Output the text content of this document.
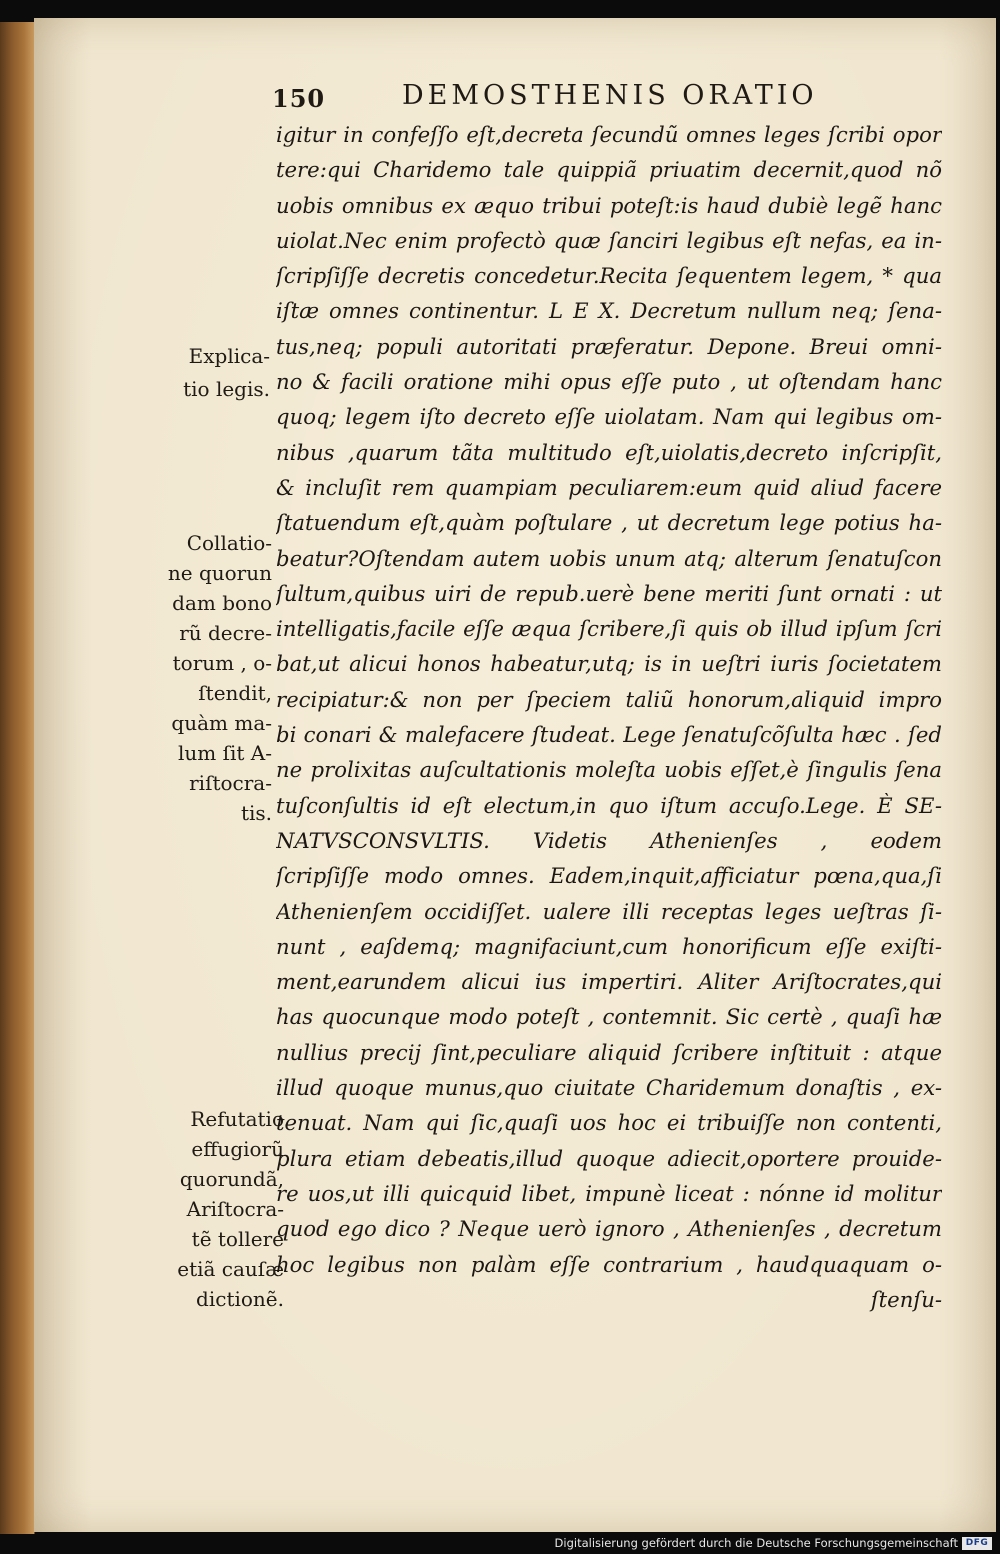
150	DEMOSTHENIS ORATIO
Explica-
tio legis.
Collatio-
ne quorun
dam bono
rũ decre-
torum , o-
ſtendit,
quàm ma-
lum ſit A-
riſtocra-
tis.
Refutatio
effugiorũ
quorundã,
Ariſtocra-
tẽ tollere
etiã cauſæ
dictionẽ.
igitur in confeſſo eſt,decreta ſecundũ omnes leges ſcribi opor
tere:qui Charidemo tale quippiã priuatim decernit,quod nõ
uobis omnibus ex æquo tribui poteſt:is haud dubiè legẽ hanc
uiolat.Nec enim profectò quæ ſanciri legibus eſt nefas, ea in-
ſcripſiſſe decretis concedetur.Recita ſequentem legem, * qua
iſtæ omnes continentur. L E X. Decretum nullum neq; ſena-
tus,neq; populi autoritati præferatur. Depone. Breui omni-
no & facili oratione mihi opus eſſe puto , ut oſtendam hanc
quoq; legem iſto decreto eſſe uiolatam. Nam qui legibus om-
nibus ,quarum tãta multitudo eſt,uiolatis,decreto inſcripſit,
& incluſit rem quampiam peculiarem:eum quid aliud facere
ſtatuendum eſt,quàm poſtulare , ut decretum lege potius ha-
beatur?Oſtendam autem uobis unum atq; alterum ſenatuſcon
ſultum,quibus uiri de repub.uerè bene meriti ſunt ornati : ut
intelligatis,facile eſſe æqua ſcribere,ſi quis ob illud ipſum ſcri
bat,ut alicui honos habeatur,utq; is in ueſtri iuris ſocietatem
recipiatur:& non per ſpeciem taliũ honorum,aliquid impro
bi conari & malefacere ſtudeat. Lege ſenatuſcõſulta hæc . ſed
ne prolixitas auſcultationis moleſta uobis eſſet,è ſingulis ſena
tuſconſultis id eſt electum,in quo iſtum accuſo.Lege. È SE-
NATVSCONSVLTIS. Videtis Athenienſes , eodem
ſcripſiſſe modo omnes. Eadem,inquit,afficiatur pœna,qua,ſi
Athenienſem occidiſſet. ualere illi receptas leges ueſtras ſi-
nunt , eaſdemq; magnifaciunt,cum honorificum eſſe exiſti-
ment,earundem alicui ius impertiri. Aliter Ariſtocrates,qui
has quocunque modo poteſt , contemnit. Sic certè , quaſi hæ
nullius precij ſint,peculiare aliquid ſcribere inſtituit : atque
illud quoque munus,quo ciuitate Charidemum donaſtis , ex-
tenuat. Nam qui ſic,quaſi uos hoc ei tribuiſſe non contenti,
plura etiam debeatis,illud quoque adiecit,oportere prouide-
re uos,ut illi quicquid libet, impunè liceat : nónne id molitur
quod ego dico ? Neque uerò ignoro , Athenienſes , decretum
hoc legibus non palàm eſſe contrarium , haudquaquam o-
ſtenſu-
Digitalisierung gefördert durch die Deutsche Forschungsgemeinschaft DFG
